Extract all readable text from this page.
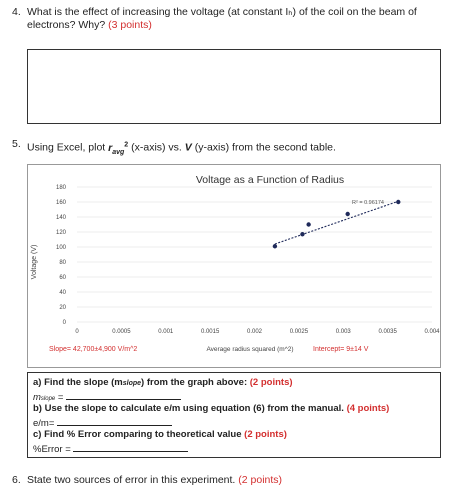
4. What is the effect of increasing the voltage (at constant Iₕ) of the coil on the beam of
electrons? Why? (3 points)
5. Using Excel, plot $r_{avg}^2$ (x-axis) vs. V (y-axis) from the second table.
Voltage as a Function of Radius
0
20
40
60
80
100
120
140
160
180
0	0.0005	0.001	0.0015	0.002	0.0025	0.003	0.0035	0.004
R² = 0.96174
Voltage (V)
Average radius squared (m^2)
Slope= 42,700±4,900 V/m^2	Intercept= 9±14 V
a) Find the slope (mslope) from the graph above: (2 points)
mslope =
b) Use the slope to calculate e/m using equation (6) from the manual. (4 points)
e/m=
c) Find % Error comparing to theoretical value (2 points)
%Error =
6. State two sources of error in this experiment. (2 points)
